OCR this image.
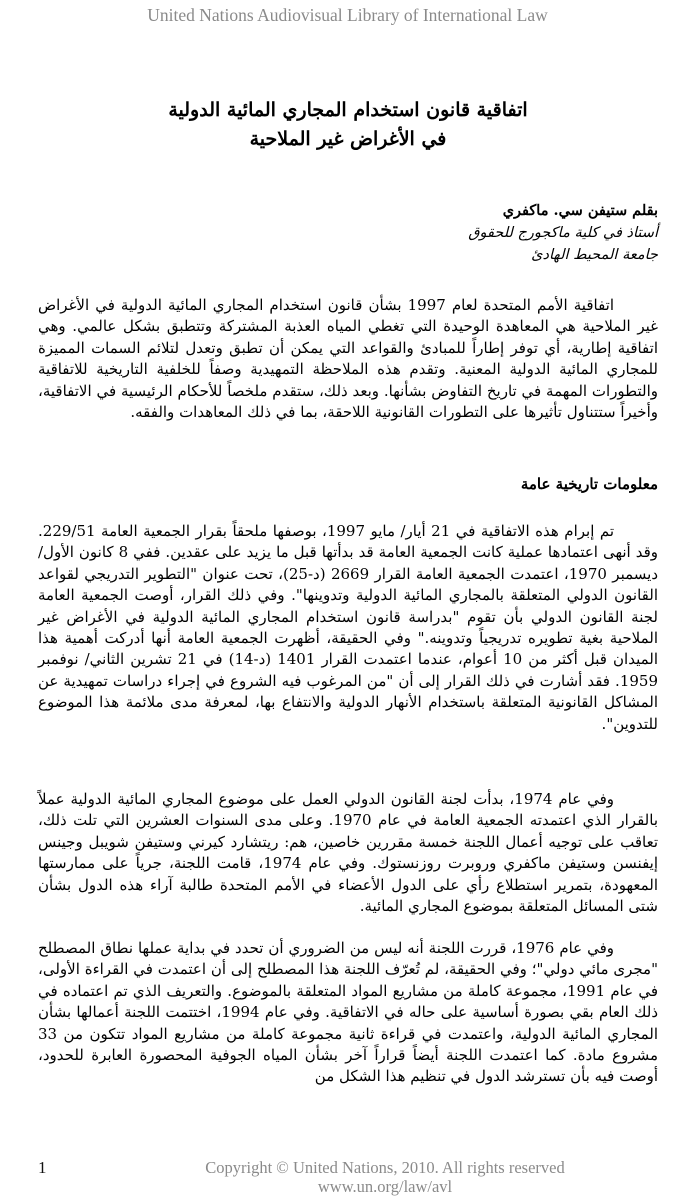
United Nations Audiovisual Library of International Law
اتفاقية قانون استخدام المجاري المائية الدولية
في الأغراض غير الملاحية
بقلم ستيفن سي. ماكفري
أستاذ في كلية ماكجورج للحقوق
جامعة المحيط الهادئ
اتفاقية الأمم المتحدة لعام 1997 بشأن قانون استخدام المجاري المائية الدولية في الأغراض غير الملاحية هي المعاهدة الوحيدة التي تغطي المياه العذبة المشتركة وتتطبق بشكل عالمي. وهي اتفاقية إطارية، أي توفر إطاراً للمبادئ والقواعد التي يمكن أن تطبق وتعدل لتلائم السمات المميزة للمجاري المائية الدولية المعنية. وتقدم هذه الملاحظة التمهيدية وصفاً للخلفية التاريخية للاتفاقية والتطورات المهمة في تاريخ التفاوض بشأنها. وبعد ذلك، ستقدم ملخصاً للأحكام الرئيسية في الاتفاقية، وأخيراً ستتناول تأثيرها على التطورات القانونية اللاحقة، بما في ذلك المعاهدات والفقه.
معلومات تاريخية عامة
تم إبرام هذه الاتفاقية في 21 أيار/ مايو 1997، بوصفها ملحقاً بقرار الجمعية العامة 229/51. وقد أنهى اعتمادها عملية كانت الجمعية العامة قد بدأتها قبل ما يزيد على عقدين. ففي 8 كانون الأول/ ديسمبر 1970، اعتمدت الجمعية العامة القرار 2669 (د-25)، تحت عنوان "التطوير التدريجي لقواعد القانون الدولي المتعلقة بالمجاري المائية الدولية وتدوينها". وفي ذلك القرار، أوصت الجمعية العامة لجنة القانون الدولي بأن تقوم "بدراسة قانون استخدام المجاري المائية الدولية في الأغراض غير الملاحية بغية تطويره تدريجياً وتدوينه." وفي الحقيقة، أظهرت الجمعية العامة أنها أدركت أهمية هذا الميدان قبل أكثر من 10 أعوام، عندما اعتمدت القرار 1401 (د-14) في 21 تشرين الثاني/ نوفمبر 1959. فقد أشارت في ذلك القرار إلى أن "من المرغوب فيه الشروع في إجراء دراسات تمهيدية عن المشاكل القانونية المتعلقة باستخدام الأنهار الدولية والانتفاع بها، لمعرفة مدى ملائمة هذا الموضوع للتدوين".
وفي عام 1974، بدأت لجنة القانون الدولي العمل على موضوع المجاري المائية الدولية عملاً بالقرار الذي اعتمدته الجمعية العامة في عام 1970. وعلى مدى السنوات العشرين التي تلت ذلك، تعاقب على توجيه أعمال اللجنة خمسة مقررين خاصين، هم: ريتشارد كيرني وستيفن شويبل وجينس إيفنسن وستيفن ماكفري وروبرت روزنستوك. وفي عام 1974، قامت اللجنة، جرياً على ممارستها المعهودة، بتمرير استطلاع رأي على الدول الأعضاء في الأمم المتحدة طالبة آراء هذه الدول بشأن شتى المسائل المتعلقة بموضوع المجاري المائية.
وفي عام 1976، قررت اللجنة أنه ليس من الضروري أن تحدد في بداية عملها نطاق المصطلح "مجرى مائي دولي"؛ وفي الحقيقة، لم تُعرّف اللجنة هذا المصطلح إلى أن اعتمدت في القراءة الأولى، في عام 1991، مجموعة كاملة من مشاريع المواد المتعلقة بالموضوع. والتعريف الذي تم اعتماده في ذلك العام بقي بصورة أساسية على حاله في الاتفاقية. وفي عام 1994، اختتمت اللجنة أعمالها بشأن المجاري المائية الدولية، واعتمدت في قراءة ثانية مجموعة كاملة من مشاريع المواد تتكون من 33 مشروع مادة. كما اعتمدت اللجنة أيضاً قراراً آخر بشأن المياه الجوفية المحصورة العابرة للحدود، أوصت فيه بأن تسترشد الدول في تنظيم هذا الشكل من
1	Copyright © United Nations, 2010. All rights reserved
www.un.org/law/avl
